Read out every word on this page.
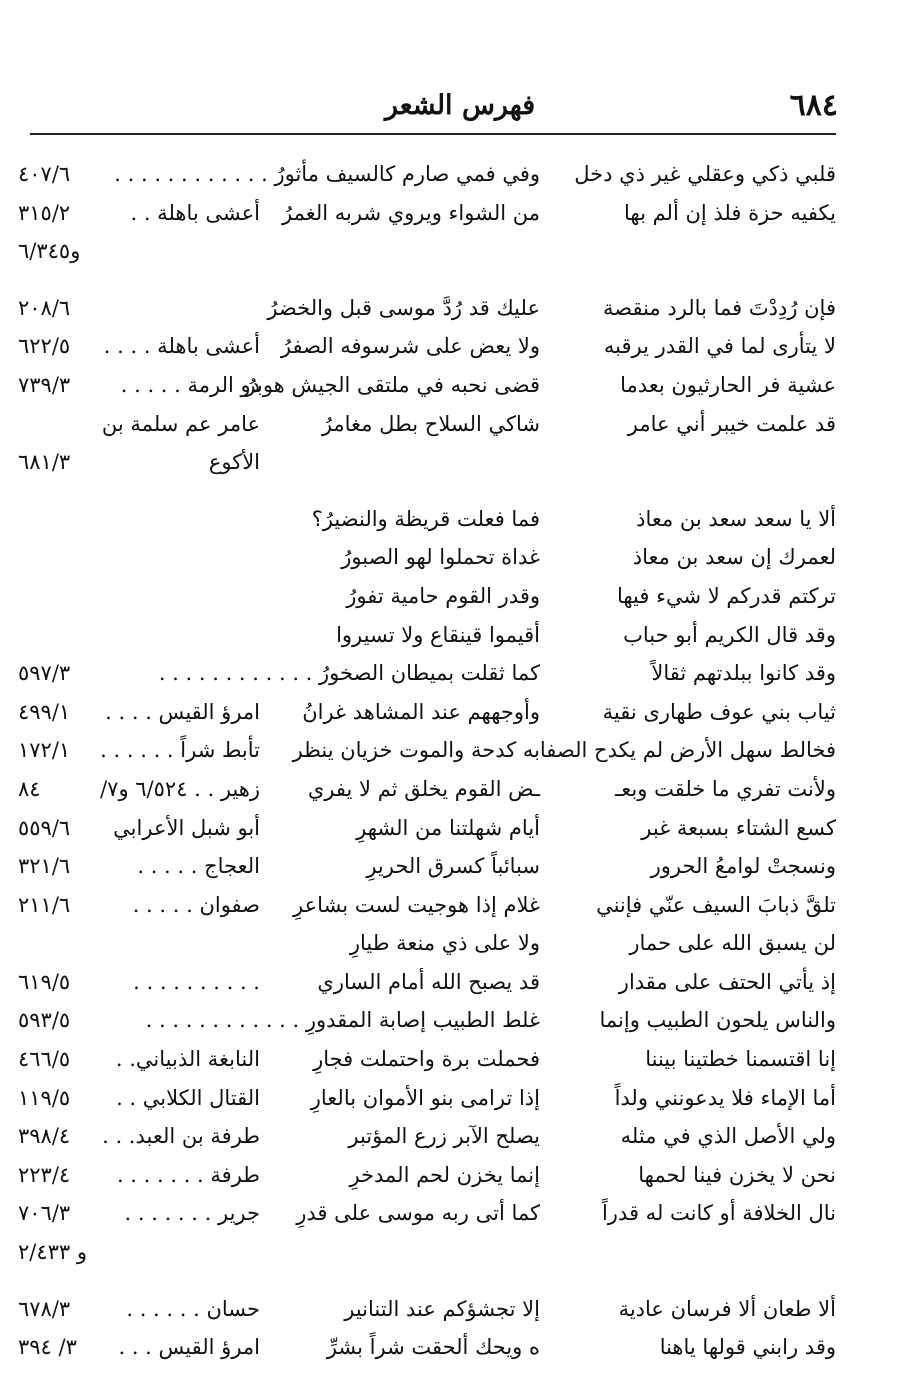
٦٨٤
فهرس الشعر
قلبي ذكي وعقلي غير ذي دخل
وفي فمي صارم كالسيف مأثورُ . . . . . . . . . . . .
٤٠٧/٦
يكفيه حزة فلذ إن ألم بها
من الشواء ويروي شربه الغمرُ
أعشى باهلة . .
٣١٥/٢
و٦/٣٤٥
فإن رُدِدْتَ فما بالرد منقصة
عليك قد رُدَّ موسى قبل والخضرُ
٢٠٨/٦
لا يتأرى لما في القدر يرقبه
ولا يعض على شرسوفه الصفرُ
أعشى باهلة . . . .
٦٢٢/٥
عشية فر الحارثيون بعدما
قضى نحبه في ملتقى الجيش هوبرُ
ذو الرمة . . . . .
٧٣٩/٣
قد علمت خيبر أني عامر
شاكي السلاح بطل مغامرُ
عامر عم سلمة بن
الأكوع
٦٨١/٣
ألا يا سعد سعد بن معاذ
فما فعلت قريظة والنضيرُ؟
لعمرك إن سعد بن معاذ
غداة تحملوا لهو الصبورُ
تركتم قدركم لا شيء فيها
وقدر القوم حامية تفورُ
وقد قال الكريم أبو حباب
أقيموا قينقاع ولا تسيروا
وقد كانوا ببلدتهم ثقالاً
كما ثقلت بميطان الصخورُ . . . . . . . . . . . .
٥٩٧/٣
ثياب بني عوف طهارى نقية
وأوجههم عند المشاهد غرانُ
امرؤ القيس . . . .
٤٩٩/١
فخالط سهل الأرض لم يكدح الصفا
به كدحة والموت خزيان ينظر
تأبط شراً . . . . . .
١٧٢/١
ولأنت تفري ما خلقت وبعـ
ـض القوم يخلق ثم لا يفري
زهير . . ٦/٥٢٤ و٧/
٨٤
كسع الشتاء بسبعة غبر
أيام شهلتنا من الشهرِ
أبو شبل الأعرابي
٥٥٩/٦
ونسجتْ لوامعُ الحرور
سبائباً كسرق الحريرِ
العجاج . . . . .
٣٢١/٦
تلقَّ ذبابَ السيف عنّي فإنني
غلام إذا هوجيت لست بشاعرِ
صفوان . . . . .
٢١١/٦
لن يسبق الله على حمار
ولا على ذي منعة طيارِ
إذ يأتي الحتف على مقدار
قد يصبح الله أمام الساري
. . . . . . . . . .
٦١٩/٥
والناس يلحون الطبيب وإنما
غلط الطبيب إصابة المقدورِ . . . . . . . . . . . .
٥٩٣/٥
إنا اقتسمنا خطتينا بيننا
فحملت برة واحتملت فجارِ
النابغة الذبياني. .
٤٦٦/٥
أما الإماء فلا يدعونني ولداً
إذا ترامى بنو الأموان بالعارِ
القتال الكلابي . .
١١٩/٥
ولي الأصل الذي في مثله
يصلح الآبر زرع المؤتبر
طرفة بن العبد. . .
٣٩٨/٤
نحن لا يخزن فينا لحمها
إنما يخزن لحم المدخرِ
طرفة . . . . . . .
٢٢٣/٤
نال الخلافة أو كانت له قدراً
كما أتى ربه موسى على قدرِ
جرير . . . . . . .
٧٠٦/٣
و ٢/٤٣٣
ألا طعان ألا فرسان عادية
إلا تجشؤكم عند التنانير
حسان . . . . . .
٦٧٨/٣
وقد رابني قولها ياهنا
ه ويحك ألحقت شراً بشرِّ
امرؤ القيس . . .
٣/ ٣٩٤
